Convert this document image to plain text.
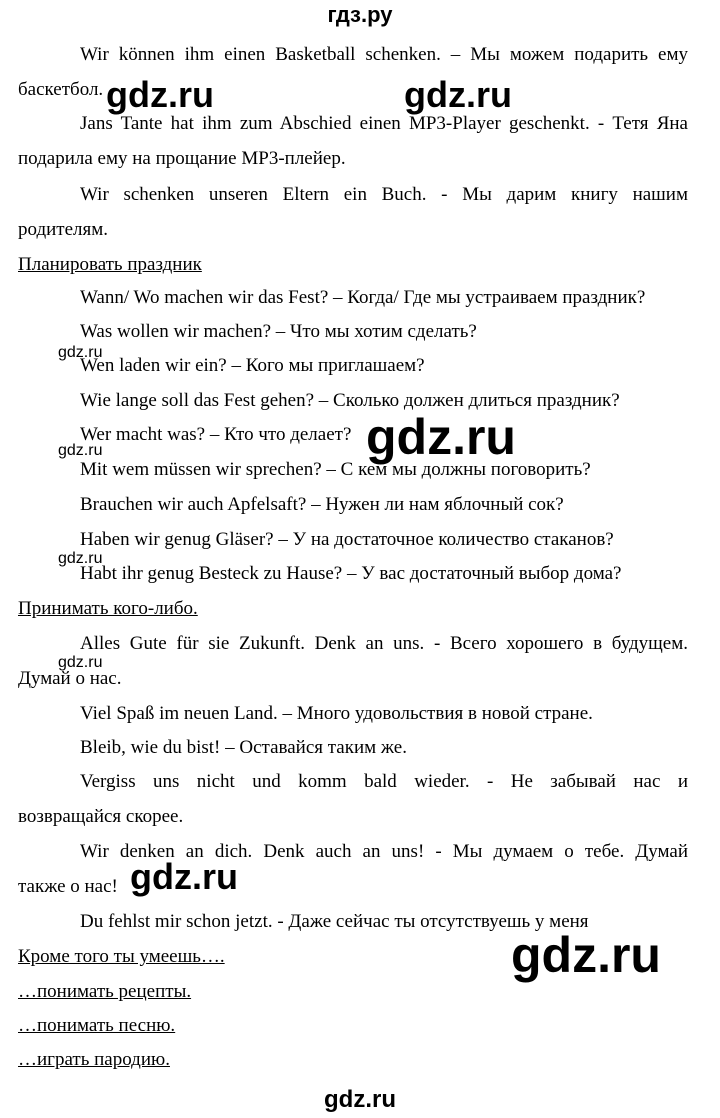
гдз.ру
Wir können ihm einen Basketball schenken. – Мы можем подарить ему
баскетбол.
Jans Tante hat ihm zum Abschied einen MP3-Player geschenkt. - Тетя Яна
подарила ему на прощание MP3-плейер.
Wir schenken unseren Eltern ein Buch. - Мы дарим книгу нашим
родителям.
Планировать праздник
Wann/ Wo machen wir das Fest? – Когда/ Где мы устраиваем праздник?
Was wollen wir machen? – Что мы хотим сделать?
Wen laden wir ein? – Кого мы приглашаем?
Wie lange soll das Fest gehen? – Сколько должен длиться праздник?
Wer macht was? – Кто что делает?
Mit wem müssen wir sprechen? – С кем мы должны поговорить?
Brauchen wir auch Apfelsaft? – Нужен ли нам яблочный сок?
Haben wir genug Gläser? – У на достаточное количество стаканов?
Habt ihr genug Besteck zu Hause? – У вас достаточный выбор дома?
Принимать кого-либо.
Alles Gute für sie Zukunft. Denk an uns. - Всего хорошего в будущем.
Думай о нас.
Viel Spaß im neuen Land. – Много удовольствия в новой стране.
Bleib, wie du bist! – Оставайся таким же.
Vergiss uns nicht und komm bald wieder. - Не забывай нас и
возвращайся скорее.
Wir denken an dich. Denk auch an uns! - Мы думаем о тебе. Думай
также о нас!
Du fehlst mir schon jetzt. - Даже сейчас ты отсутствуешь у меня
Кроме того ты умеешь….
…понимать рецепты.
…понимать песню.
…играть пародию.
gdz.ru	gdz.ru
gdz.ru
gdz.ru
gdz.ru
gdz.ru
gdz.ru
gdz.ru
gdz.ru
gdz.ru
